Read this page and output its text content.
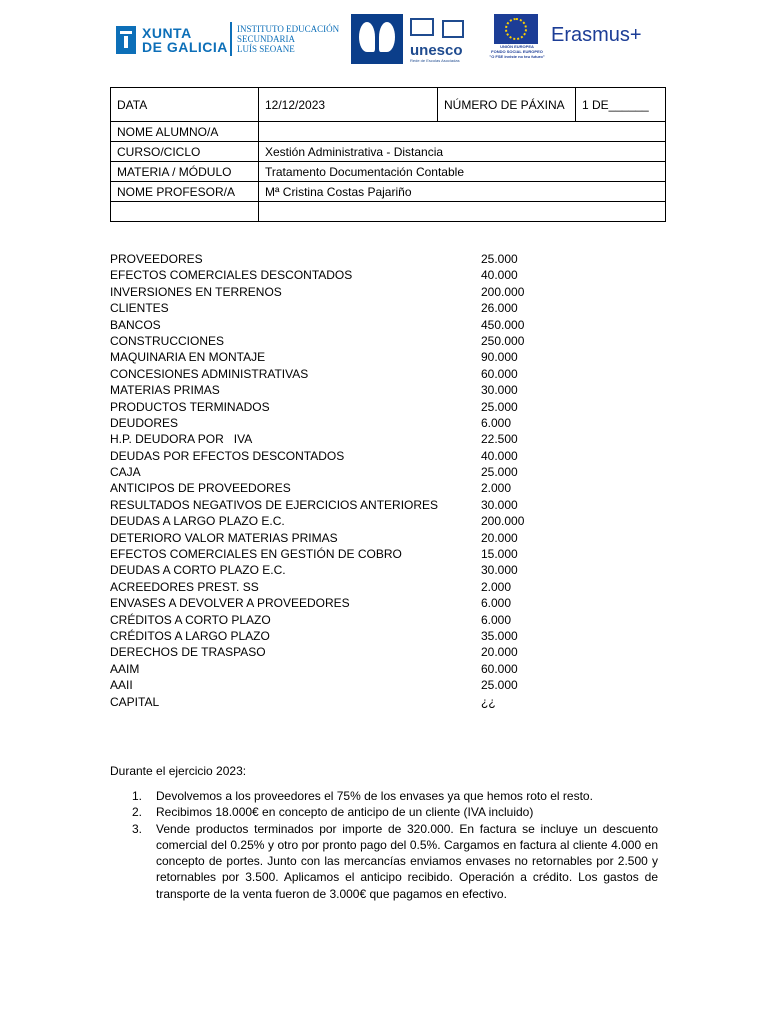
XUNTA
DE GALICIA
INSTITUTO EDUCACIÓN
SECUNDARIA
LUÍS SEOANE
	unesco
Rede de Escolas Asociadas
UNIÓN EUROPEA
FONDO SOCIAL EUROPEO
"O FSE inviste no teu futuro"
Erasmus+
DATA	12/12/2023	NÚMERO DE PÁXINA	1 DE______
NOME ALUMNO/A			
CURSO/CICLO	Xestión Administrativa - Distancia		
MATERIA / MÓDULO	Tratamento Documentación Contable		
NOME PROFESOR/A	Mª Cristina Costas Pajariño		

PROVEEDORES	25.000
EFECTOS COMERCIALES DESCONTADOS	40.000
INVERSIONES EN TERRENOS	200.000
CLIENTES	26.000
BANCOS	450.000
CONSTRUCCIONES	250.000
MAQUINARIA EN MONTAJE	90.000
CONCESIONES ADMINISTRATIVAS	60.000
MATERIAS PRIMAS	30.000
PRODUCTOS TERMINADOS	25.000
DEUDORES	6.000
H.P. DEUDORA POR   IVA	22.500
DEUDAS POR EFECTOS DESCONTADOS	40.000
CAJA	25.000
ANTICIPOS DE PROVEEDORES	2.000
RESULTADOS NEGATIVOS DE EJERCICIOS ANTERIORES	30.000
DEUDAS A LARGO PLAZO E.C.	200.000
DETERIORO VALOR MATERIAS PRIMAS	20.000
EFECTOS COMERCIALES EN GESTIÓN DE COBRO	15.000
DEUDAS A CORTO PLAZO E.C.	30.000
ACREEDORES PREST. SS	2.000
ENVASES A DEVOLVER A PROVEEDORES	6.000
CRÉDITOS A CORTO PLAZO	6.000
CRÉDITOS A LARGO PLAZO	35.000
DERECHOS DE TRASPASO	20.000
AAIM	60.000
AAII	25.000
CAPITAL	¿¿
Durante el ejercicio 2023:
1. Devolvemos a los proveedores el 75% de los envases ya que hemos roto el resto.
2. Recibimos 18.000€ en concepto de anticipo de un cliente (IVA incluido)
3. Vende productos terminados por importe de 320.000. En factura se incluye un descuento comercial del 0.25% y otro por pronto pago del 0.5%. Cargamos en factura al cliente 4.000 en concepto de portes. Junto con las mercancías enviamos envases no retornables por 2.500 y retornables por 3.500. Aplicamos el anticipo recibido. Operación a crédito. Los gastos de transporte de la venta fueron de 3.000€ que pagamos en efectivo.
